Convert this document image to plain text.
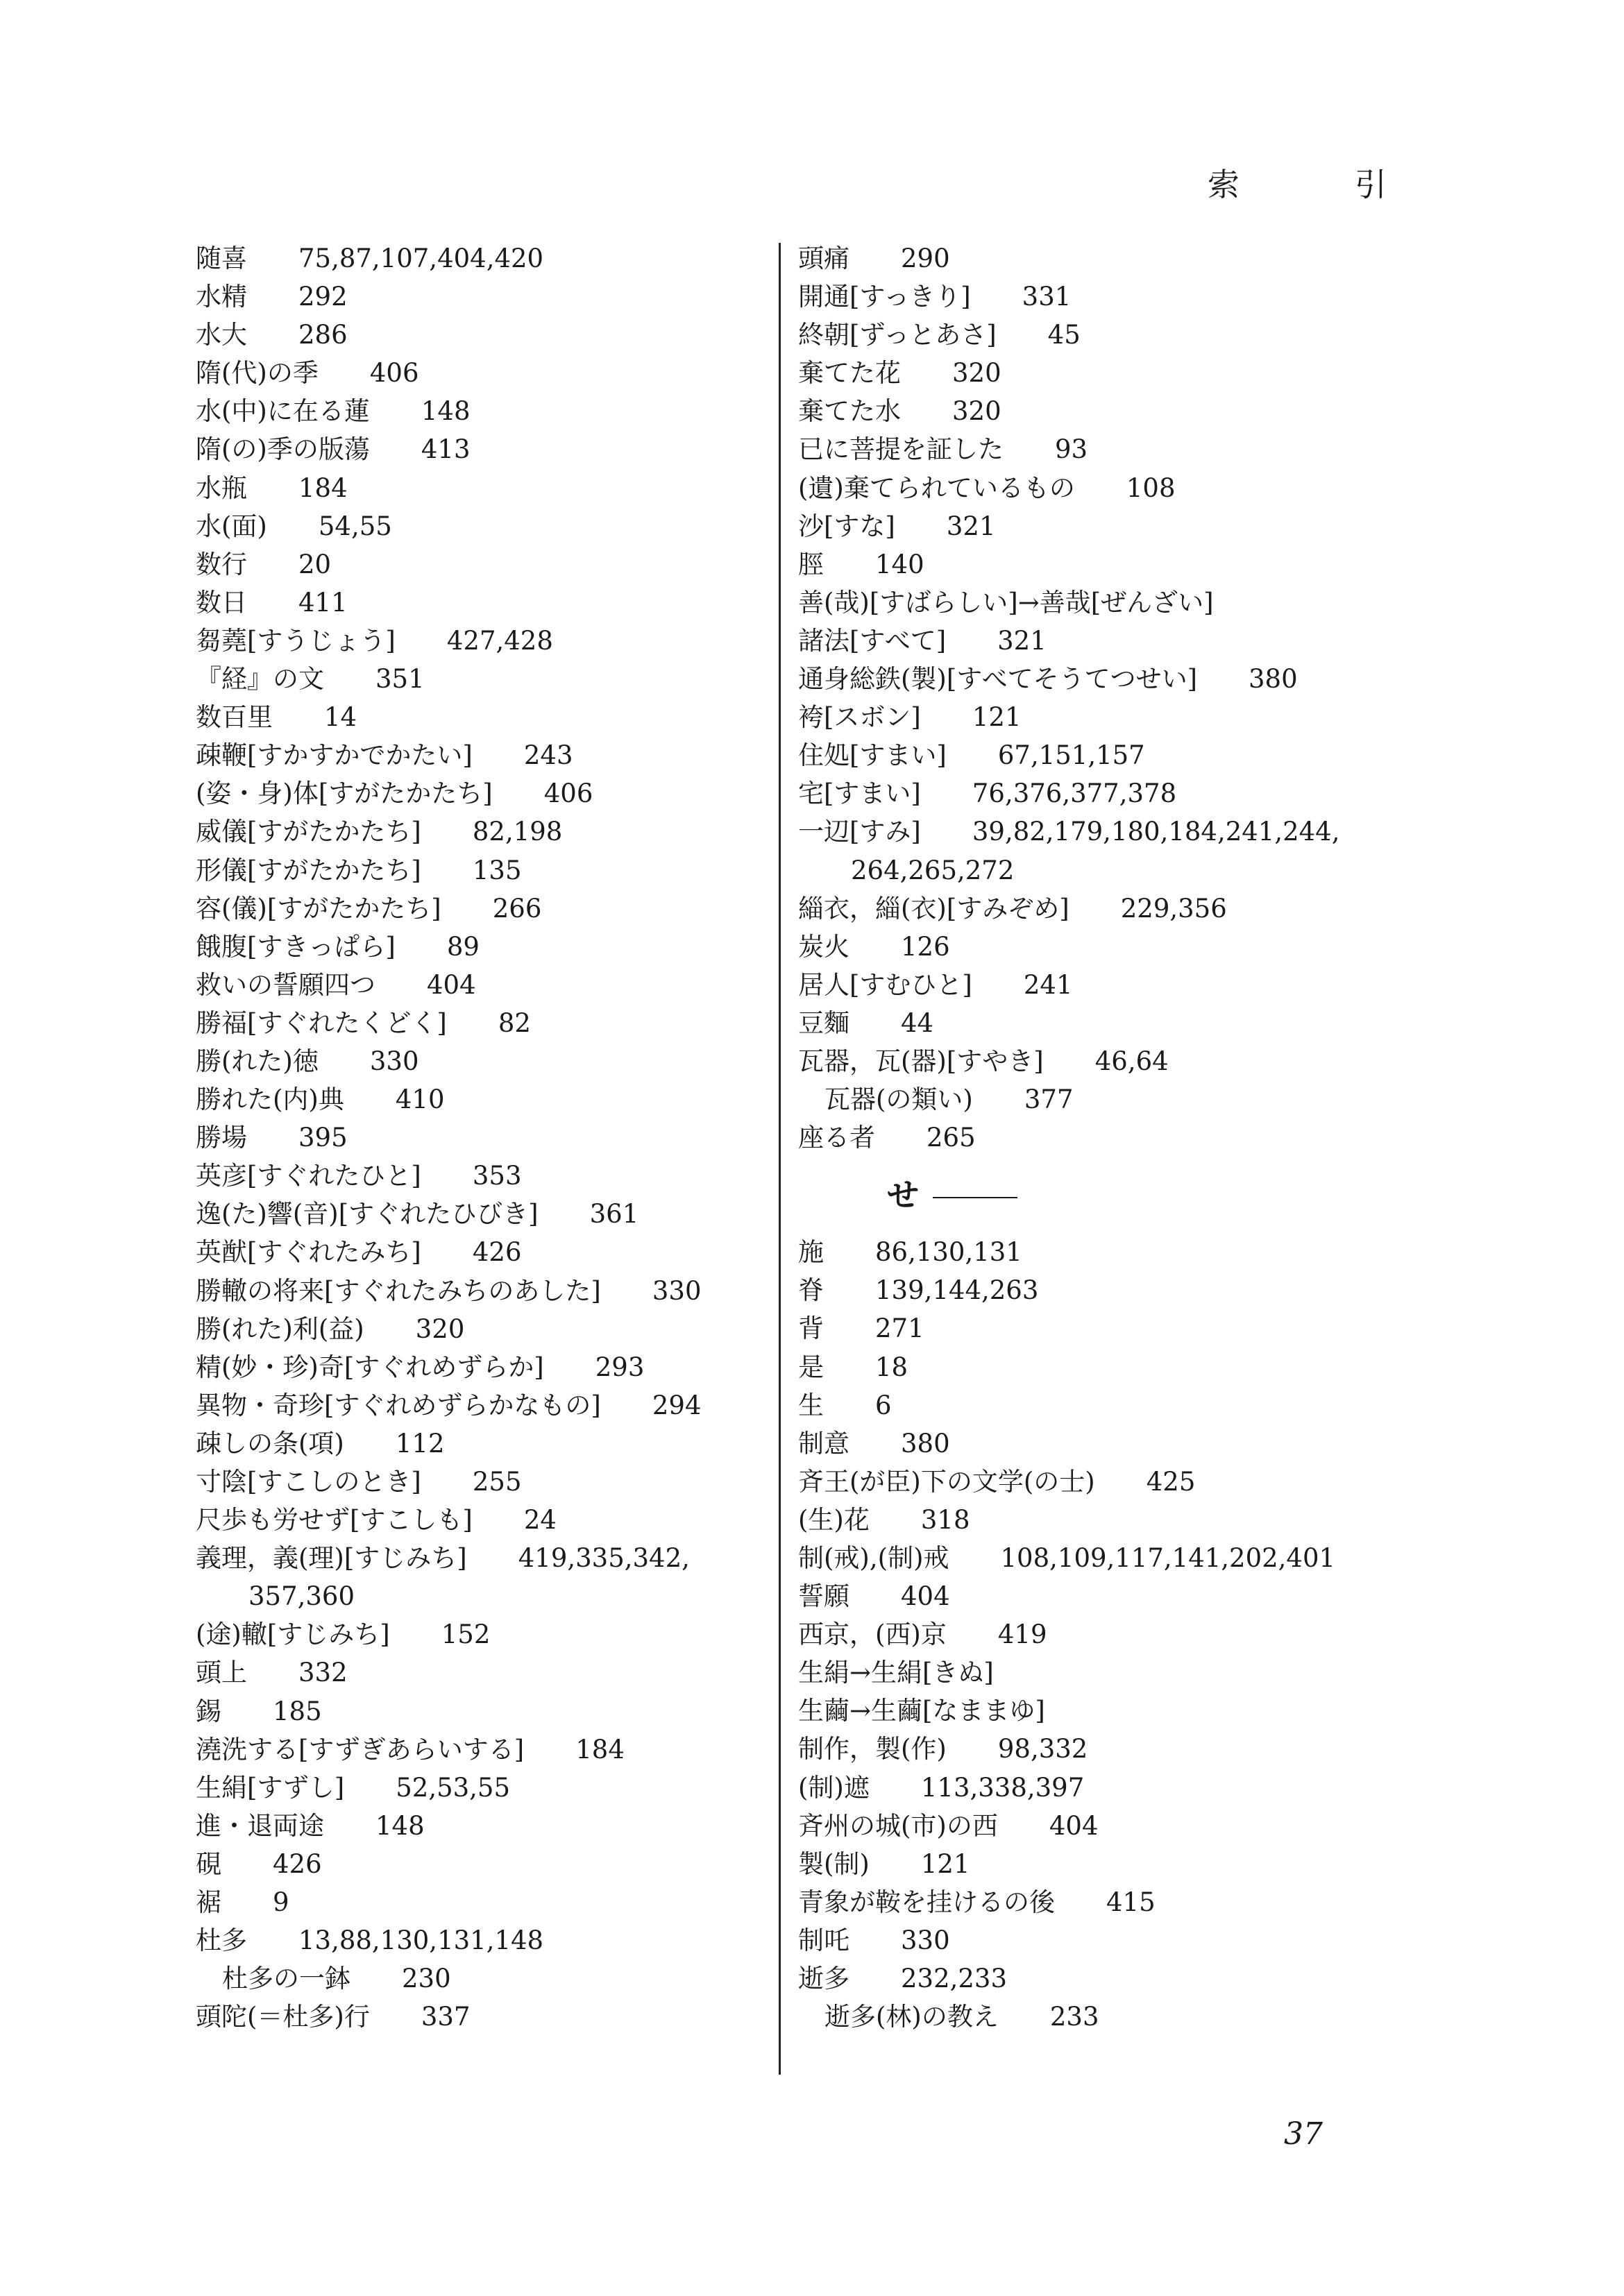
索　引
随喜 75,87,107,404,420
水精 292
水大 286
隋(代)の季 406
水(中)に在る蓮 148
隋(の)季の版蕩 413
水瓶 184
水(面) 54,55
数行 20
数日 411
芻蕘[すうじょう] 427,428
『経』の文 351
数百里 14
疎鞭[すかすかでかたい] 243
(姿・身)体[すがたかたち] 406
威儀[すがたかたち] 82,198
形儀[すがたかたち] 135
容(儀)[すがたかたち] 266
餓腹[すきっぱら] 89
救いの誓願四つ 404
勝福[すぐれたくどく] 82
勝(れた)徳 330
勝れた(内)典 410
勝場 395
英彦[すぐれたひと] 353
逸(た)響(音)[すぐれたひびき] 361
英猷[すぐれたみち] 426
勝轍の将来[すぐれたみちのあした] 330
勝(れた)利(益) 320
精(妙・珍)奇[すぐれめずらか] 293
異物・奇珍[すぐれめずらかなもの] 294
疎しの条(項) 112
寸陰[すこしのとき] 255
尺歩も労せず[すこしも] 24
義理，義(理)[すじみち] 419,335,342,
357,360
(途)轍[すじみち] 152
頭上 332
錫 185
澆洗する[すずぎあらいする] 184
生絹[すずし] 52,53,55
進・退両途 148
硯 426
裾 9
杜多 13,88,130,131,148
杜多の一鉢 230
頭陀(＝杜多)行 337
頭痛 290
開通[すっきり] 331
終朝[ずっとあさ] 45
棄てた花 320
棄てた水 320
已に菩提を証した 93
(遺)棄てられているもの 108
沙[すな] 321
脛 140
善(哉)[すばらしい]→善哉[ぜんざい]
諸法[すべて] 321
通身総鉄(製)[すべてそうてつせい] 380
袴[スボン] 121
住処[すまい] 67,151,157
宅[すまい] 76,376,377,378
一辺[すみ] 39,82,179,180,184,241,244,
264,265,272
緇衣，緇(衣)[すみぞめ] 229,356
炭火 126
居人[すむひと] 241
豆麵 44
瓦器，瓦(器)[すやき] 46,64
瓦器(の類い) 377
座る者 265
せ
施 86,130,131
脊 139,144,263
背 271
是 18
生 6
制意 380
斉王(が臣)下の文学(の士) 425
(生)花 318
制(戒),(制)戒 108,109,117,141,202,401
誓願 404
西京，(西)京 419
生絹→生絹[きぬ]
生繭→生繭[なままゆ]
制作，製(作) 98,332
(制)遮 113,338,397
斉州の城(市)の西 404
製(制) 121
青象が鞍を挂けるの後 415
制吒 330
逝多 232,233
逝多(林)の教え 233
37
